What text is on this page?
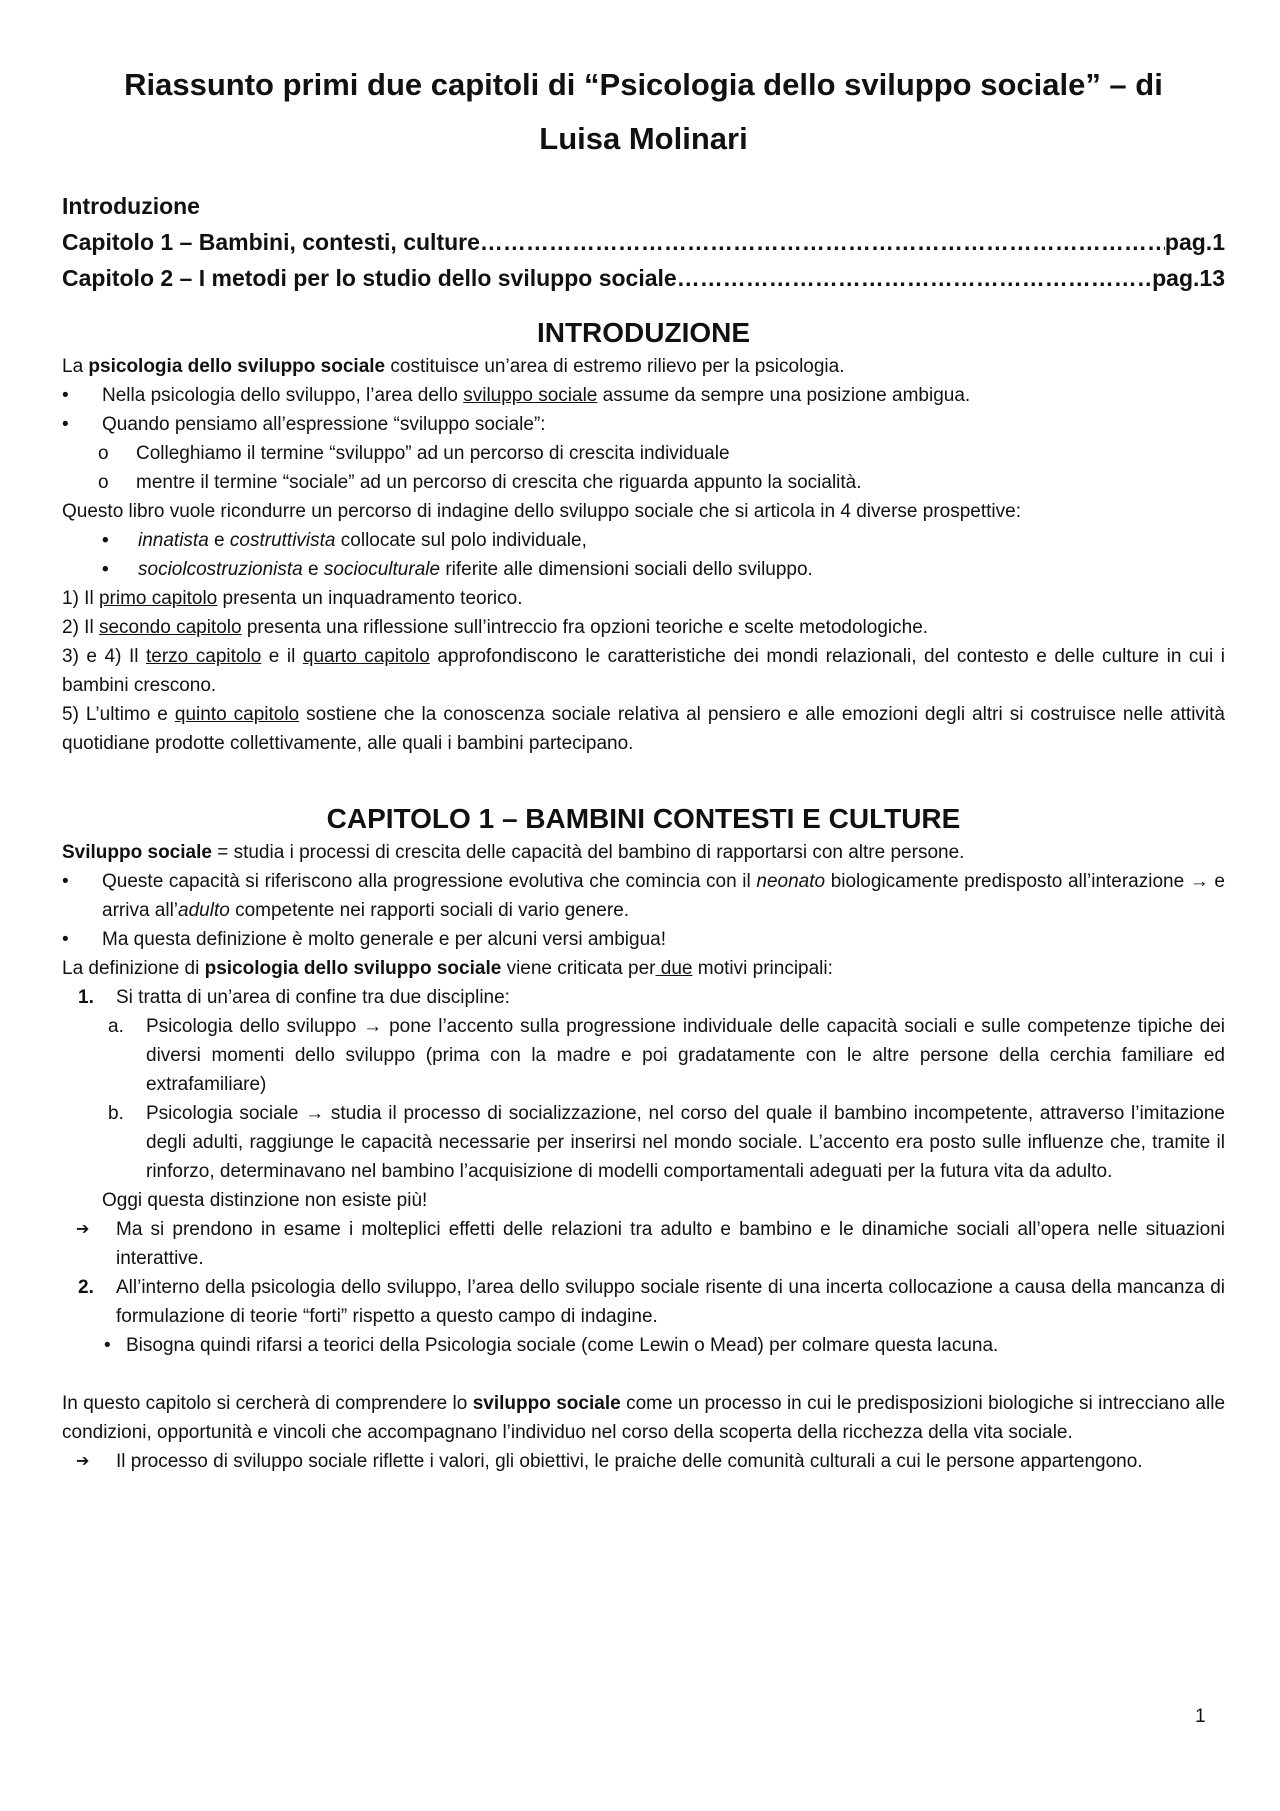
Riassunto primi due capitoli di “Psicologia dello sviluppo sociale” – di Luisa Molinari
Introduzione
Capitolo 1 – Bambini, contesti, culture …………………………………………………………………………………………………………………………………………	pag.1
Capitolo 2 – I metodi per lo studio dello sviluppo sociale …………………………………………………………………………………………………………………………………………	pag.13
INTRODUZIONE

La psicologia dello sviluppo sociale costituisce un’area di estremo rilievo per la psicologia.

• Nella psicologia dello sviluppo, l’area dello sviluppo sociale assume da sempre una posizione ambigua.

• Quando pensiamo all’espressione “sviluppo sociale”:

o Colleghiamo il termine “sviluppo” ad un percorso di crescita individuale

o mentre il termine “sociale” ad un percorso di crescita che riguarda appunto la socialità.

Questo libro vuole ricondurre un percorso di indagine dello sviluppo sociale che si articola in 4 diverse prospettive:

• innatista e costruttivista collocate sul polo individuale,

• sociolcostruzionista e socioculturale riferite alle dimensioni sociali dello sviluppo.

1) Il primo capitolo presenta un inquadramento teorico.

2) Il secondo capitolo presenta una riflessione sull’intreccio fra opzioni teoriche e scelte metodologiche.

3) e 4) Il terzo capitolo e il quarto capitolo approfondiscono le caratteristiche dei mondi relazionali, del contesto e delle culture in cui i bambini crescono.

5) L’ultimo e quinto capitolo sostiene che la conoscenza sociale relativa al pensiero e alle emozioni degli altri si costruisce nelle attività quotidiane prodotte collettivamente, alle quali i bambini partecipano.

CAPITOLO 1 – BAMBINI CONTESTI E CULTURE

Sviluppo sociale = studia i processi di crescita delle capacità del bambino di rapportarsi con altre persone.

• Queste capacità si riferiscono alla progressione evolutiva che comincia con il neonato biologicamente predisposto all’interazione → e arriva all’adulto competente nei rapporti sociali di vario genere.

• Ma questa definizione è molto generale e per alcuni versi ambigua!

La definizione di psicologia dello sviluppo sociale viene criticata per due motivi principali:

1. Si tratta di un’area di confine tra due discipline:

a. Psicologia dello sviluppo → pone l’accento sulla progressione individuale delle capacità sociali e sulle competenze tipiche dei diversi momenti dello sviluppo (prima con la madre e poi gradatamente con le altre persone della cerchia familiare ed extrafamiliare)

b. Psicologia sociale → studia il processo di socializzazione, nel corso del quale il bambino incompetente, attraverso l’imitazione degli adulti, raggiunge le capacità necessarie per inserirsi nel mondo sociale. L’accento era posto sulle influenze che, tramite il rinforzo, determinavano nel bambino l’acquisizione di modelli comportamentali adeguati per la futura vita da adulto.

Oggi questa distinzione non esiste più!

➔ Ma si prendono in esame i molteplici effetti delle relazioni tra adulto e bambino e le dinamiche sociali all’opera nelle situazioni interattive.

2. All’interno della psicologia dello sviluppo, l’area dello sviluppo sociale risente di una incerta collocazione a causa della mancanza di formulazione di teorie “forti” rispetto a questo campo di indagine.

• Bisogna quindi rifarsi a teorici della Psicologia sociale (come Lewin o Mead) per colmare questa lacuna.

In questo capitolo si cercherà di comprendere lo sviluppo sociale come un processo in cui le predisposizioni biologiche si intrecciano alle condizioni, opportunità e vincoli che accompagnano l’individuo nel corso della scoperta della ricchezza della vita sociale.

➔ Il processo di sviluppo sociale riflette i valori, gli obiettivi, le praiche delle comunità culturali a cui le persone appartengono.

1
